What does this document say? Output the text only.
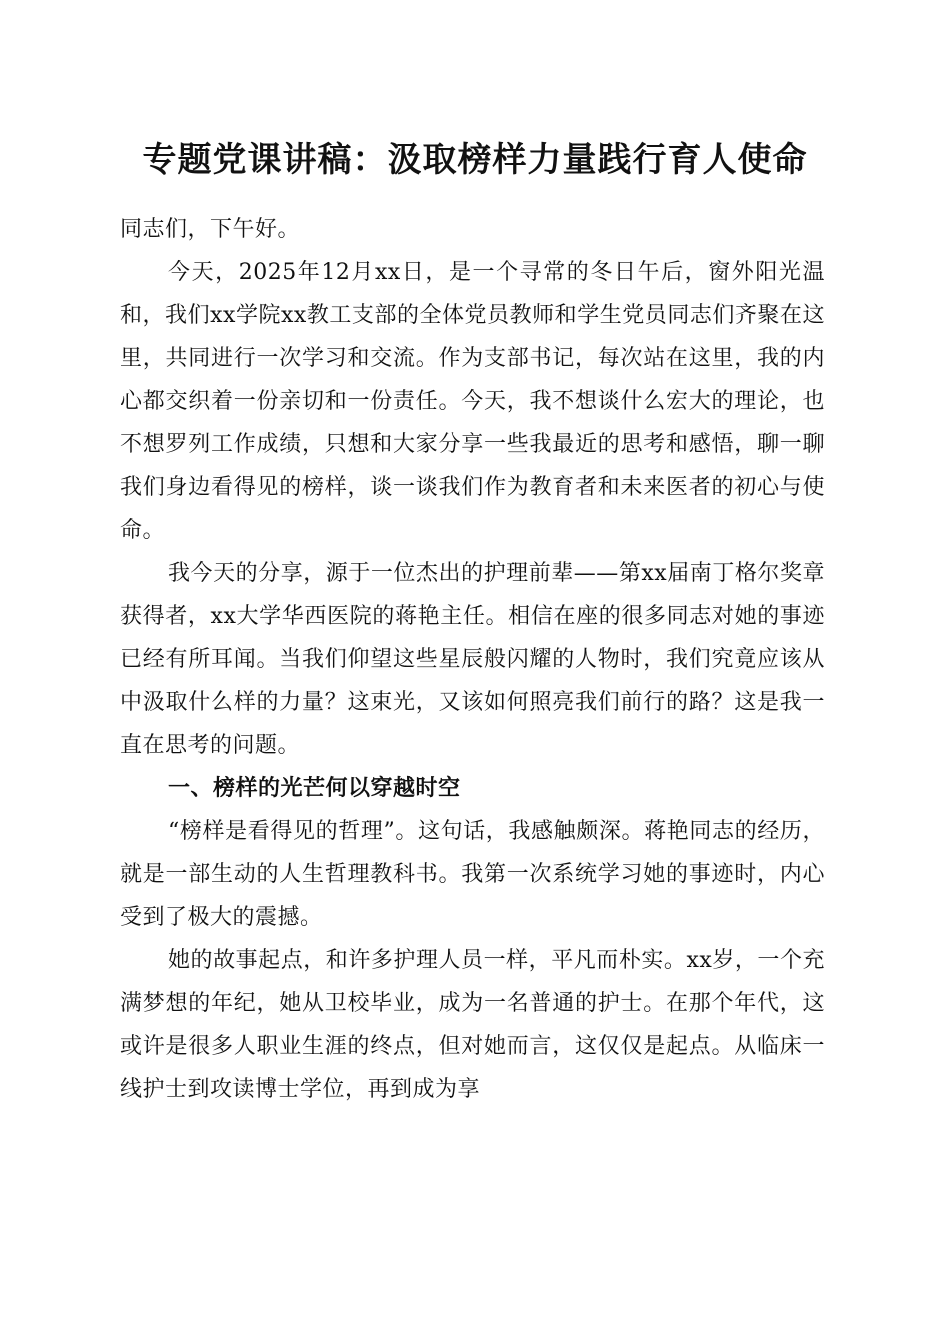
专题党课讲稿：汲取榜样力量践行育人使命

同志们，下午好。

今天，2025年12月xx日，是一个寻常的冬日午后，窗外阳光温和，我们xx学院xx教工支部的全体党员教师和学生党员同志们齐聚在这里，共同进行一次学习和交流。作为支部书记，每次站在这里，我的内心都交织着一份亲切和一份责任。今天，我不想谈什么宏大的理论，也不想罗列工作成绩，只想和大家分享一些我最近的思考和感悟，聊一聊我们身边看得见的榜样，谈一谈我们作为教育者和未来医者的初心与使命。

我今天的分享，源于一位杰出的护理前辈——第xx届南丁格尔奖章获得者，xx大学华西医院的蒋艳主任。相信在座的很多同志对她的事迹已经有所耳闻。当我们仰望这些星辰般闪耀的人物时，我们究竟应该从中汲取什么样的力量？这束光，又该如何照亮我们前行的路？这是我一直在思考的问题。

一、榜样的光芒何以穿越时空

“榜样是看得见的哲理”。这句话，我感触颇深。蒋艳同志的经历，就是一部生动的人生哲理教科书。我第一次系统学习她的事迹时，内心受到了极大的震撼。

她的故事起点，和许多护理人员一样，平凡而朴实。xx岁，一个充满梦想的年纪，她从卫校毕业，成为一名普通的护士。在那个年代，这或许是很多人职业生涯的终点，但对她而言，这仅仅是起点。从临床一线护士到攻读博士学位，再到成为享
